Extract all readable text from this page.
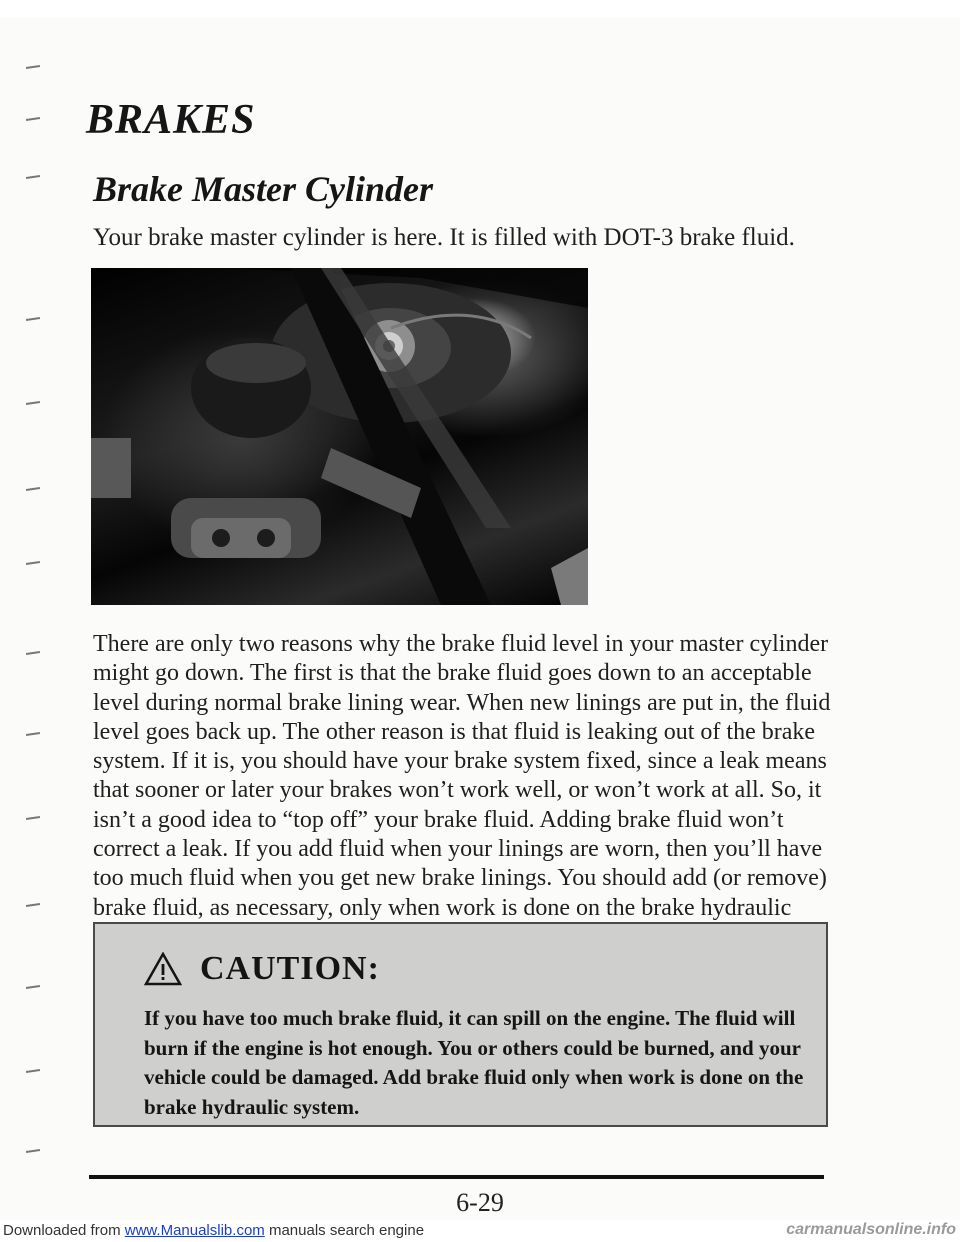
BRAKES
Brake Master Cylinder

Your brake master cylinder is here. It is filled with DOT-3 brake fluid.

There are only two reasons why the brake fluid level in your master cylinder might go down. The first is that the brake fluid goes down to an acceptable level during normal brake lining wear. When new linings are put in, the fluid level goes back up. The other reason is that fluid is leaking out of the brake system. If it is, you should have your brake system fixed, since a leak means that sooner or later your brakes won’t work well, or won’t work at all. So, it isn’t a good idea to “top off” your brake fluid. Adding brake fluid won’t correct a leak. If you add fluid when your linings are worn, then you’ll have too much fluid when you get new brake linings. You should add (or remove) brake fluid, as necessary, only when work is done on the brake hydraulic

CAUTION:

If you have too much brake fluid, it can spill on the engine. The fluid will burn if the engine is hot enough. You or others could be burned, and your vehicle could be damaged. Add brake fluid only when work is done on the brake hydraulic system.

6-29

Downloaded from www.Manualslib.com manuals search engine	carmanualsonline.info
